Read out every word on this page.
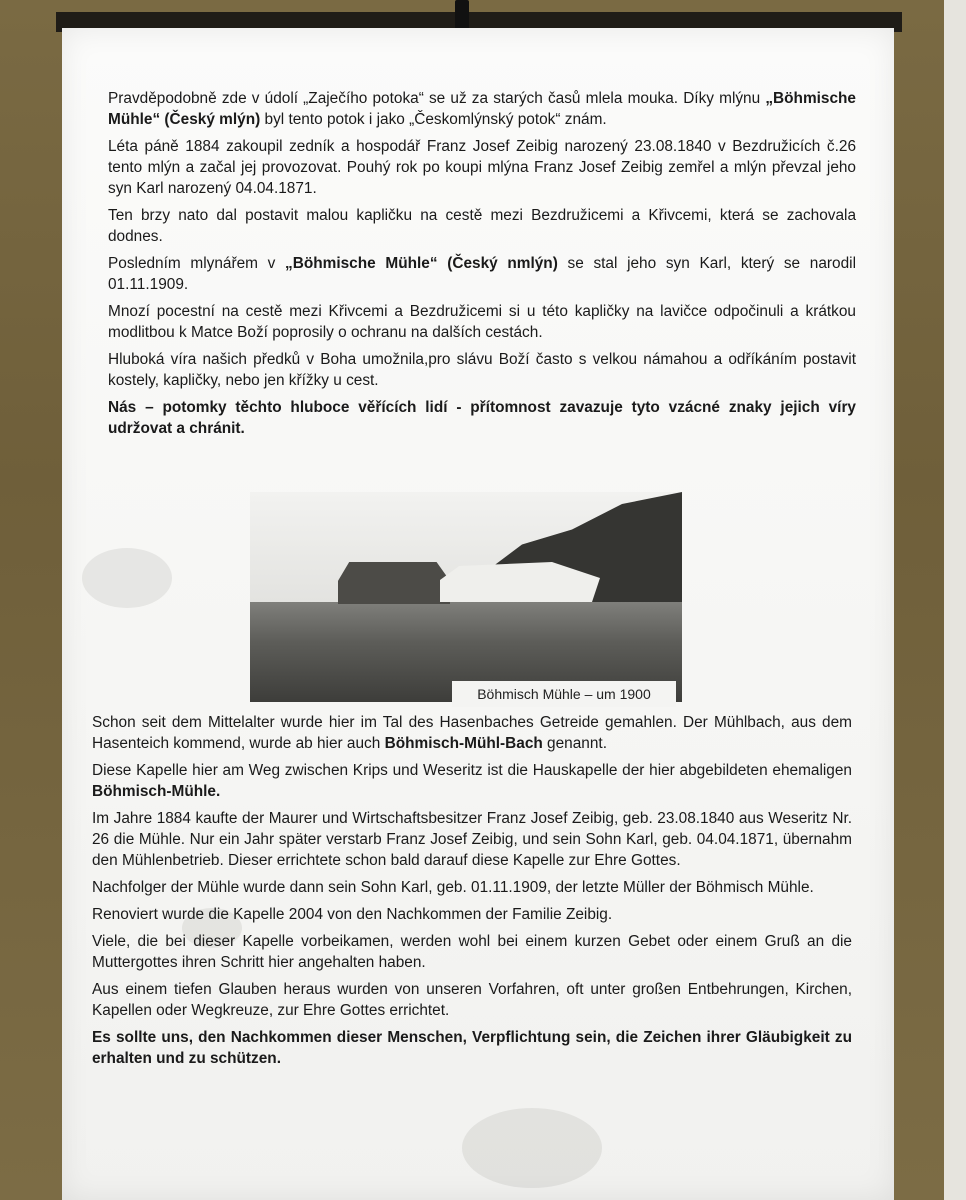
Pravděpodobně zde v údolí „Zaječího potoka“ se už za starých časů mlela mouka. Díky mlýnu „Böhmische Mühle“ (Český mlýn) byl tento potok i jako „Českomlýnský potok“ znám.

Léta páně 1884 zakoupil zedník a hospodář Franz Josef Zeibig narozený 23.08.1840 v Bezdružicích č.26 tento mlýn a začal jej provozovat. Pouhý rok po koupi mlýna Franz Josef Zeibig zemřel a mlýn převzal jeho syn Karl narozený 04.04.1871.

Ten brzy nato dal postavit malou kapličku na cestě mezi Bezdružicemi a Křivcemi, která se zachovala dodnes.

Posledním mlynářem v „Böhmische Mühle“ (Český nmlýn) se stal jeho syn Karl, který se narodil 01.11.1909.

Mnozí pocestní na cestě mezi Křivcemi a Bezdružicemi si u této kapličky na lavičce odpočinuli a krátkou modlitbou k Matce Boží poprosily o ochranu na dalších cestách.

Hluboká víra našich předků v Boha umožnila,pro slávu Boží často s velkou námahou a odříkáním postavit kostely, kapličky, nebo jen křížky u cest.

Nás – potomky těchto hluboce věřících lidí - přítomnost zavazuje tyto vzácné znaky jejich víry udržovat a chránit.

Böhmisch Mühle – um 1900

Schon seit dem Mittelalter wurde hier im Tal des Hasenbaches Getreide gemahlen. Der Mühlbach, aus dem Hasenteich kommend, wurde ab hier auch Böhmisch-Mühl-Bach genannt.

Diese Kapelle hier am Weg zwischen Krips und Weseritz ist die Hauskapelle der hier abgebildeten ehemaligen Böhmisch-Mühle.

Im Jahre 1884 kaufte der Maurer und Wirtschaftsbesitzer Franz Josef Zeibig, geb. 23.08.1840 aus Weseritz Nr. 26 die Mühle. Nur ein Jahr später verstarb Franz Josef Zeibig, und sein Sohn Karl, geb. 04.04.1871, übernahm den Mühlenbetrieb. Dieser errichtete schon bald darauf diese Kapelle zur Ehre Gottes.

Nachfolger der Mühle wurde dann sein Sohn Karl, geb. 01.11.1909, der letzte Müller der Böhmisch Mühle.

Renoviert wurde die Kapelle 2004 von den Nachkommen der Familie Zeibig.

Viele, die bei dieser Kapelle vorbeikamen, werden wohl bei einem kurzen Gebet oder einem Gruß an die Muttergottes ihren Schritt hier angehalten haben.

Aus einem tiefen Glauben heraus wurden von unseren Vorfahren, oft unter großen Entbehrungen, Kirchen, Kapellen oder Wegkreuze, zur Ehre Gottes errichtet.

Es sollte uns, den Nachkommen dieser Menschen, Verpflichtung sein, die Zeichen ihrer Gläubigkeit zu erhalten und zu schützen.
